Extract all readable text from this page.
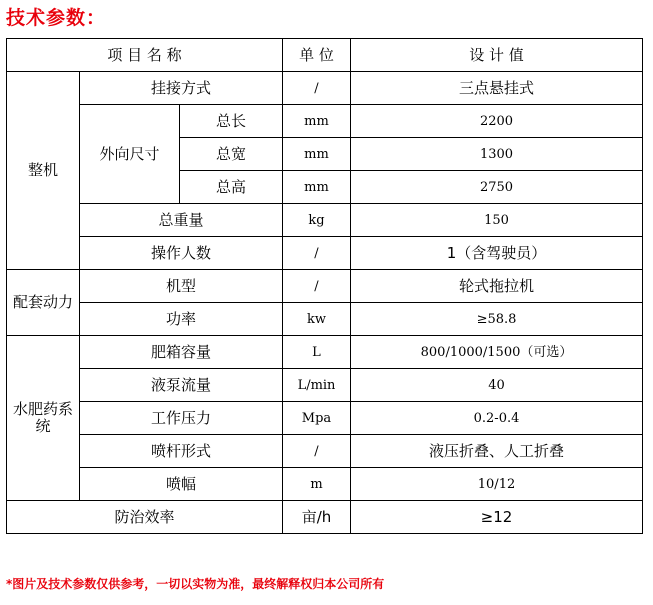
技术参数：
项 目 名 称			单 位	设 计 值
整机	挂接方式		/	三点悬挂式
	外向尺寸	总长	mm	2200
		总宽	mm	1300
		总高	mm	2750
	总重量		kg	150
	操作人数		/	1（含驾驶员）
配套动力	机型		/	轮式拖拉机
	功率		kw	≥58.8
水肥药系统	肥箱容量		L	800/1000/1500（可选）
	液泵流量		L/min	40
	工作压力		Mpa	0.2-0.4
	喷杆形式		/	液压折叠、人工折叠
	喷幅		m	10/12
防治效率			亩/h	≥12
*图片及技术参数仅供参考，一切以实物为准，最终解释权归本公司所有
